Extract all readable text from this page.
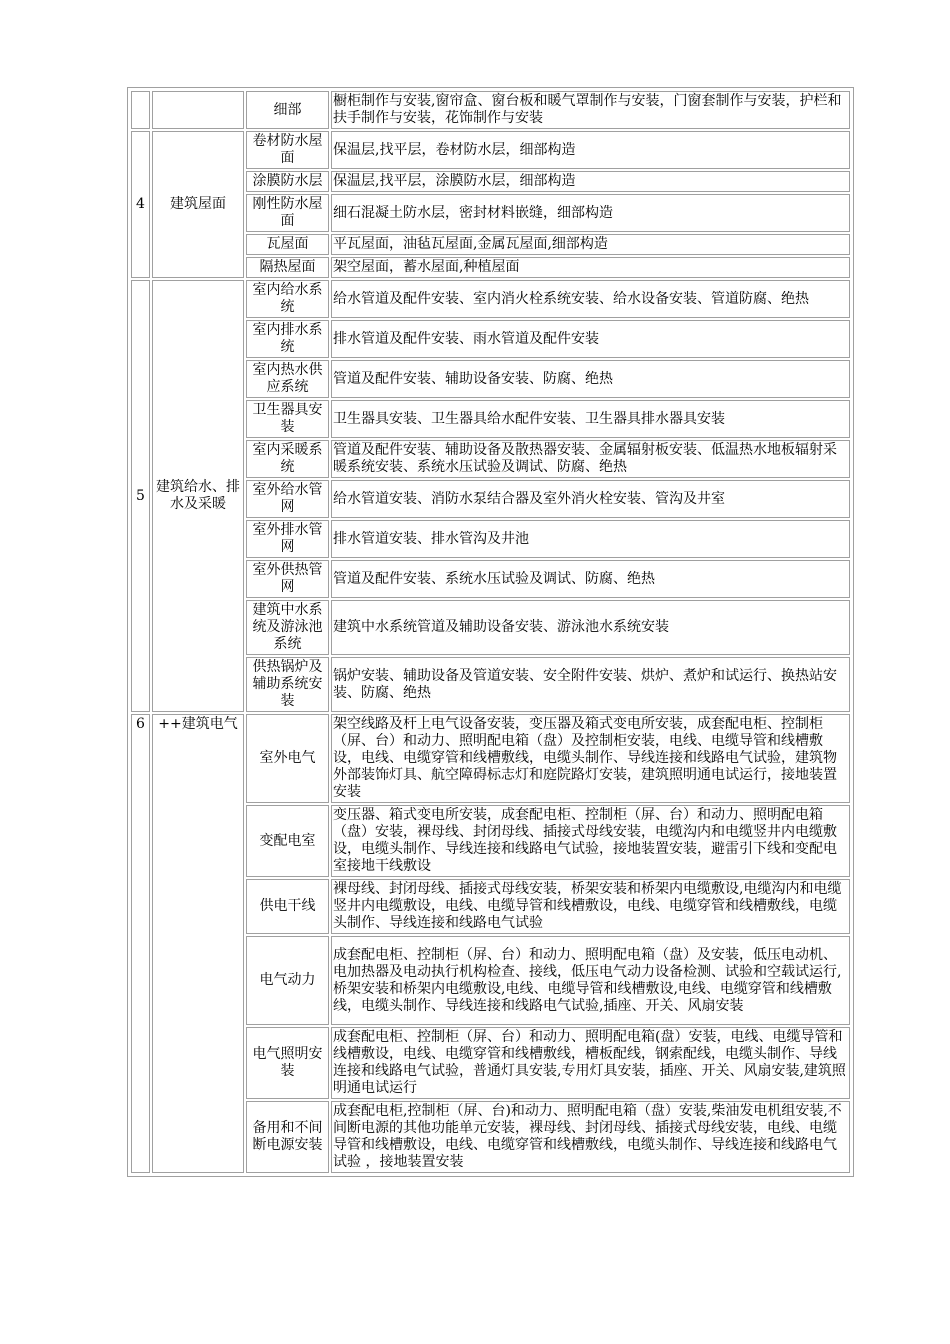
		细部	橱柜制作与安装,窗帘盒、窗台板和暖气罩制作与安装，门窗套制作与安装，护栏和扶手制作与安装，花饰制作与安装
4	建筑屋面	卷材防水屋面	保温层,找平层，卷材防水层，细部构造
		涂膜防水层	保温层,找平层，涂膜防水层，细部构造
		刚性防水屋面	细石混凝土防水层，密封材料嵌缝，细部构造
		瓦屋面	平瓦屋面，油毡瓦屋面,金属瓦屋面,细部构造
		隔热屋面	架空屋面，蓄水屋面,种植屋面
5	建筑给水、排水及采暖	室内给水系统	给水管道及配件安装、室内消火栓系统安装、给水设备安装、管道防腐、绝热
		室内排水系统	排水管道及配件安装、雨水管道及配件安装
		室内热水供应系统	管道及配件安装、辅助设备安装、防腐、绝热
		卫生器具安装	卫生器具安装、卫生器具给水配件安装、卫生器具排水器具安装
		室内采暖系统	管道及配件安装、辅助设备及散热器安装、金属辐射板安装、低温热水地板辐射采暖系统安装、系统水压试验及调试、防腐、绝热
		室外给水管网	给水管道安装、消防水泵结合器及室外消火栓安装、管沟及井室
		室外排水管网	排水管道安装、排水管沟及井池
		室外供热管网	管道及配件安装、系统水压试验及调试、防腐、绝热
		建筑中水系统及游泳池系统	建筑中水系统管道及辅助设备安装、游泳池水系统安装
		供热锅炉及辅助系统安装	锅炉安装、辅助设备及管道安装、安全附件安装、烘炉、煮炉和试运行、换热站安装、防腐、绝热
6	++建筑电气	室外电气	架空线路及杆上电气设备安装，变压器及箱式变电所安装，成套配电柜、控制柜（屏、台）和动力、照明配电箱（盘）及控制柜安装，电线、电缆导管和线槽敷设，电线、电缆穿管和线槽敷线，电缆头制作、导线连接和线路电气试验，建筑物外部装饰灯具、航空障碍标志灯和庭院路灯安装，建筑照明通电试运行，接地装置安装
		变配电室	变压器、箱式变电所安装，成套配电柜、控制柜（屏、台）和动力、照明配电箱（盘）安装，裸母线、封闭母线、插接式母线安装，电缆沟内和电缆竖井内电缆敷设，电缆头制作、导线连接和线路电气试验，接地装置安装，避雷引下线和变配电室接地干线敷设
		供电干线	裸母线、封闭母线、插接式母线安装，桥架安装和桥架内电缆敷设,电缆沟内和电缆竖井内电缆敷设，电线、电缆导管和线槽敷设，电线、电缆穿管和线槽敷线，电缆头制作、导线连接和线路电气试验
		电气动力	成套配电柜、控制柜（屏、台）和动力、照明配电箱（盘）及安装，低压电动机、电加热器及电动执行机构检查、接线，低压电气动力设备检测、试验和空载试运行,桥架安装和桥架内电缆敷设,电线、电缆导管和线槽敷设,电线、电缆穿管和线槽敷线，电缆头制作、导线连接和线路电气试验,插座、开关、风扇安装
		电气照明安装	成套配电柜、控制柜（屏、台）和动力、照明配电箱(盘）安装，电线、电缆导管和线槽敷设，电线、电缆穿管和线槽敷线，槽板配线，钢索配线，电缆头制作、导线连接和线路电气试验，普通灯具安装,专用灯具安装，插座、开关、风扇安装,建筑照明通电试运行
		备用和不间断电源安装	成套配电柜,控制柜（屏、台)和动力、照明配电箱（盘）安装,柴油发电机组安装,不间断电源的其他功能单元安装，裸母线、封闭母线、插接式母线安装，电线、电缆导管和线槽敷设，电线、电缆穿管和线槽敷线，电缆头制作、导线连接和线路电气试验 ，接地装置安装
